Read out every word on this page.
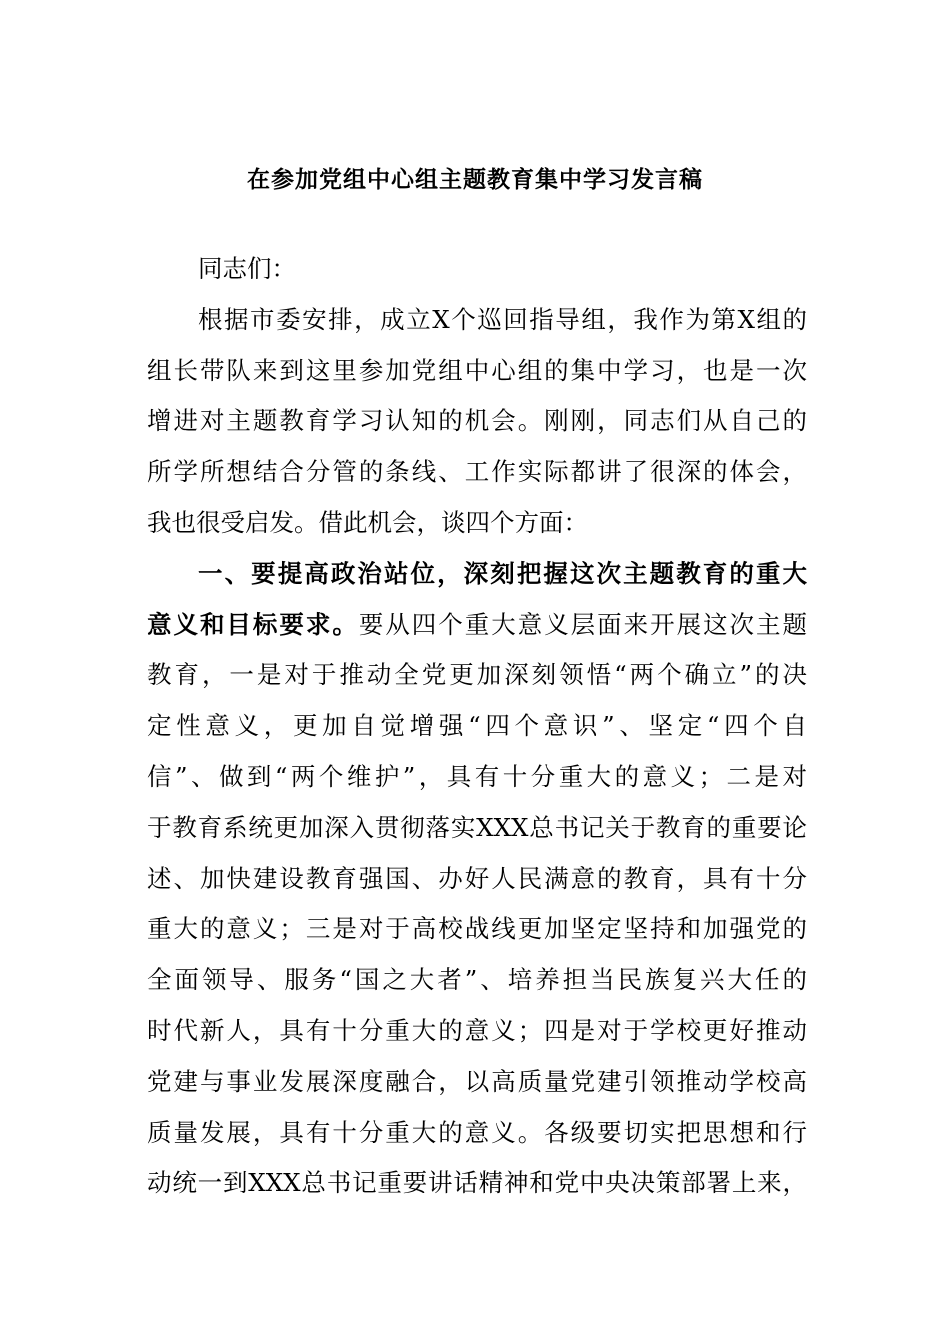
在参加党组中心组主题教育集中学习发言稿
同志们：
根据市委安排，成立X个巡回指导组，我作为第X组的
组长带队来到这里参加党组中心组的集中学习，也是一次
增进对主题教育学习认知的机会。刚刚，同志们从自己的
所学所想结合分管的条线、工作实际都讲了很深的体会，
我也很受启发。借此机会，谈四个方面：
一、要提高政治站位，深刻把握这次主题教育的重大
意义和目标要求。要从四个重大意义层面来开展这次主题
教育，一是对于推动全党更加深刻领悟“两个确立”的决
定性意义，更加自觉增强“四个意识”、坚定“四个自
信”、做到“两个维护”，具有十分重大的意义；二是对
于教育系统更加深入贯彻落实XXX总书记关于教育的重要论
述、加快建设教育强国、办好人民满意的教育，具有十分
重大的意义；三是对于高校战线更加坚定坚持和加强党的
全面领导、服务“国之大者”、培养担当民族复兴大任的
时代新人，具有十分重大的意义；四是对于学校更好推动
党建与事业发展深度融合，以高质量党建引领推动学校高
质量发展，具有十分重大的意义。各级要切实把思想和行
动统一到XXX总书记重要讲话精神和党中央决策部署上来，
